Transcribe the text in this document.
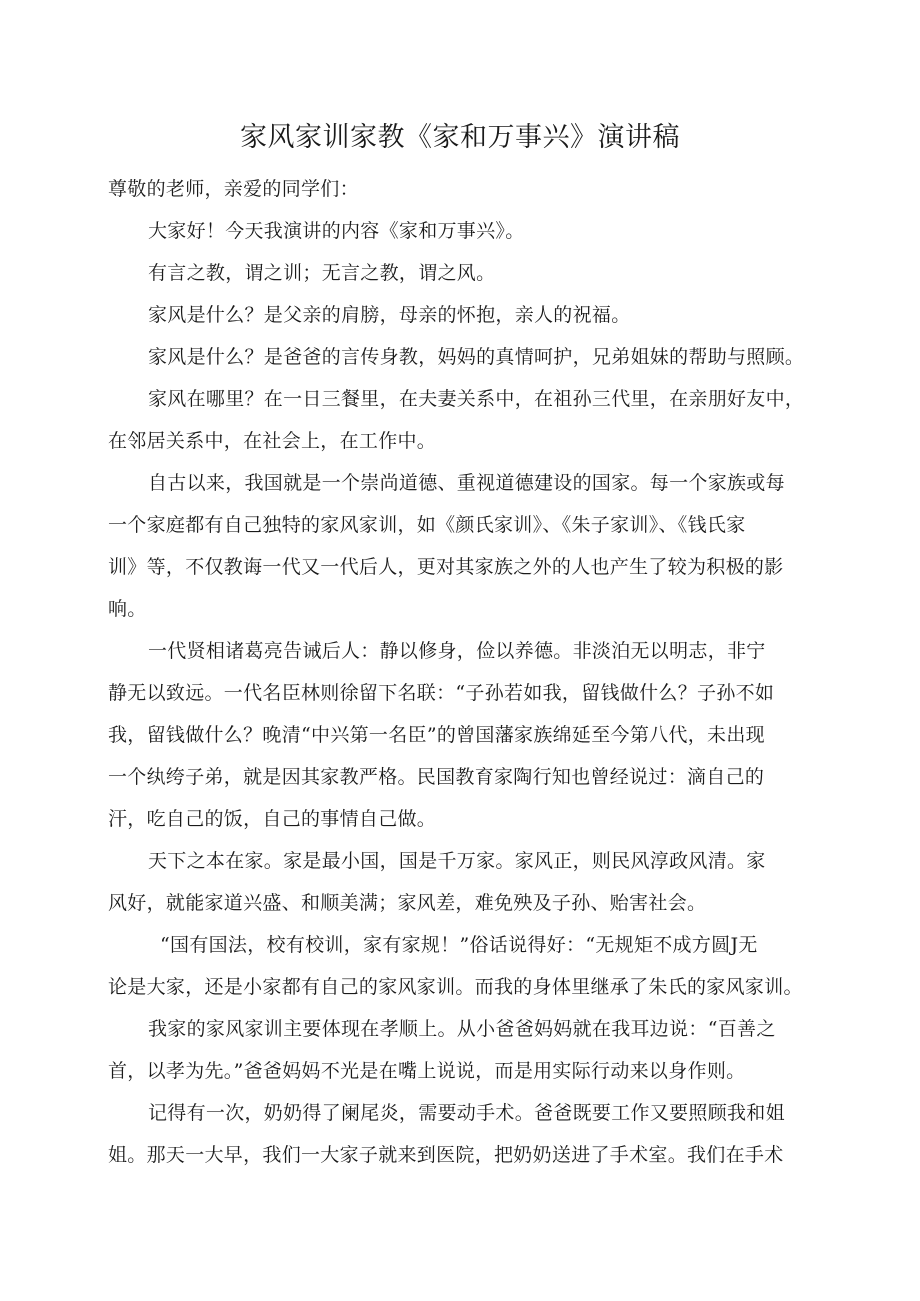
家风家训家教《家和万事兴》演讲稿
尊敬的老师，亲爱的同学们：
大家好！今天我演讲的内容《家和万事兴》。
有言之教，谓之训；无言之教，谓之风。
家风是什么？是父亲的肩膀，母亲的怀抱，亲人的祝福。
家风是什么？是爸爸的言传身教，妈妈的真情呵护，兄弟姐妹的帮助与照顾。
家风在哪里？在一日三餐里，在夫妻关系中，在祖孙三代里，在亲朋好友中，
在邻居关系中，在社会上，在工作中。
自古以来，我国就是一个崇尚道德、重视道德建设的国家。每一个家族或每
一个家庭都有自己独特的家风家训，如《颜氏家训》、《朱子家训》、《钱氏家
训》等，不仅教诲一代又一代后人，更对其家族之外的人也产生了较为积极的影
响。
一代贤相诸葛亮告诫后人：静以修身，俭以养德。非淡泊无以明志，非宁
静无以致远。一代名臣林则徐留下名联：“子孙若如我，留钱做什么？子孙不如
我，留钱做什么？晚清“中兴第一名臣”的曾国藩家族绵延至今第八代，未出现
一个纨绔子弟，就是因其家教严格。民国教育家陶行知也曾经说过：滴自己的
汗，吃自己的饭，自己的事情自己做。
天下之本在家。家是最小国，国是千万家。家风正，则民风淳政风清。家
风好，就能家道兴盛、和顺美满；家风差，难免殃及子孙、贻害社会。
“国有国法，校有校训，家有家规！”俗话说得好：“无规矩不成方圆J无
论是大家，还是小家都有自己的家风家训。而我的身体里继承了朱氏的家风家训。
我家的家风家训主要体现在孝顺上。从小爸爸妈妈就在我耳边说：“百善之
首，以孝为先。”爸爸妈妈不光是在嘴上说说，而是用实际行动来以身作则。
记得有一次，奶奶得了阑尾炎，需要动手术。爸爸既要工作又要照顾我和姐
姐。那天一大早，我们一大家子就来到医院，把奶奶送进了手术室。我们在手术
